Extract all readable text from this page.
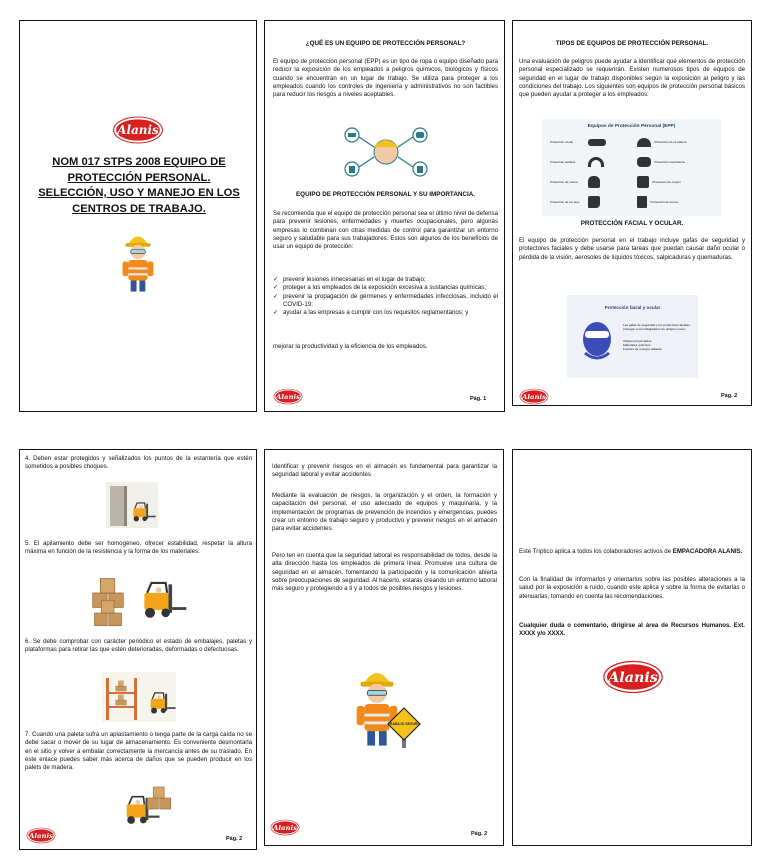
NOM 017 STPS 2008 EQUIPO DE PROTECCIÓN PERSONAL. SELECCIÓN, USO Y MANEJO EN LOS CENTROS DE TRABAJO.
¿QUÉ ES UN EQUIPO DE PROTECCIÓN PERSONAL?
El equipo de protección personal (EPP) es un tipo de ropa o equipo diseñado para reducir la exposición de los empleados a peligros químicos, biológicos y físicos cuando se encuentran en un lugar de trabajo. Se utiliza para proteger a los empleados cuando los controles de ingeniería y administrativos no son factibles para reducir los riesgos a niveles aceptables.
EQUIPO DE PROTECCIÓN PERSONAL Y SU IMPORTANCIA.
Se recomienda que el equipo de protección personal sea el último nivel de defensa para prevenir lesiones, enfermedades y muertes ocupacionales, pero algunas empresas lo combinan con otras medidas de control para garantizar un entorno seguro y saludable para sus trabajadores. Estos son algunos de los beneficios de usar un equipo de protección:
✓ prevenir lesiones innecesarias en el lugar de trabajo;
✓ proteger a los empleados de la exposición excesiva a sustancias químicas;
✓ prevenir la propagación de gérmenes y enfermedades infecciosas, incluido el COVID-19;
✓ ayudar a las empresas a cumplir con los requisitos reglamentarios; y
mejorar la productividad y la eficiencia de los empleados.
Pág. 1
TIPOS DE EQUIPOS DE PROTECCIÓN PERSONAL.
Una evaluación de peligros puede ayudar a identificar qué elementos de protección personal especializado se requerirán. Existen numerosos tipos de equipos de seguridad en el lugar de trabajo disponibles según la exposición al peligro y las condiciones del trabajo. Los siguientes son equipos de protección personal básicos que pueden ayudar a proteger a los empleados:
Equipos de Protección Personal (EPP)
Protección ocular	Protección de la cabeza
Protección auditiva	Protección respiratoria
Protección de manos	Protección de cuerpo
Protección de los pies	Protección de tronco
PROTECCIÓN FACIAL Y OCULAR.
El equipo de protección personal en el trabajo incluye gafas de seguridad y protectores faciales y debe usarse para tareas que puedan causar daño ocular o pérdida de la visión, aerosoles de líquidos tóxicos, salpicaduras y quemaduras.
Protección facial y ocular
Las gafas de seguridad y los protectores faciales protegen a los trabajadores de peligros como:
Objetos proyectados
Materiales químicos
Fuentes de energía radiante
Pág. 2
4. Deben estar protegidos y señalizados los puntos de la estantería que estén sometidos a posibles choques.
5. El apilamiento debe ser homogéneo, ofrecer estabilidad, respetar la altura máxima en función de la resistencia y la forma de los materiales.
6. Se debe comprobar con carácter periódico el estado de embalajes, paletas y plataformas para retirar las que estén deterioradas, deformadas o defectuosas.
7. Cuando una paleta sufra un aplastamiento o tenga parte de la carga caída no se debe sacar o mover de su lugar de almacenamiento. Es conveniente desmontarla en el sitio y volver a embalar correctamente la mercancía antes de su traslado. En este enlace puedes saber más acerca de daños que se pueden producir en los palets de madera.
Pág. 2
Identificar y prevenir riesgos en el almacén es fundamental para garantizar la seguridad laboral y evitar accidentes
Mediante la evaluación de riesgos, la organización y el orden, la formación y capacitación del personal, el uso adecuado de equipos y maquinaria, y la implementación de programas de prevención de incendios y emergencias, puedes crear un entorno de trabajo seguro y productivo y prevenir riesgos en el almacén para evitar accidentes.
Pero ten en cuenta que la seguridad laboral es responsabilidad de todos, desde la alta dirección hasta los empleados de primera línea. Promueve una cultura de seguridad en el almacén, fomentando la participación y la comunicación abierta sobre preocupaciones de seguridad. Al hacerlo, estarás creando un entorno laboral más seguro y protegiendo a ti y a todos de posibles riesgos y lesiones.
TRABAJO SEGURO
Pág. 2
Este Tríptico aplica a todos los colaboradores activos de EMPACADORA ALANIS.
Con la finalidad de informarlos y orientarlos sobre las posibles alteraciones a la salud por la exposición a ruido, cuando este aplica y sobre la forma de evitarlas o atenuarlas, tomando en cuenta las recomendaciones.
Cualquier duda o comentario, dirigirse al área de Recursos Humanos. Ext. XXXX y/o XXXX.
